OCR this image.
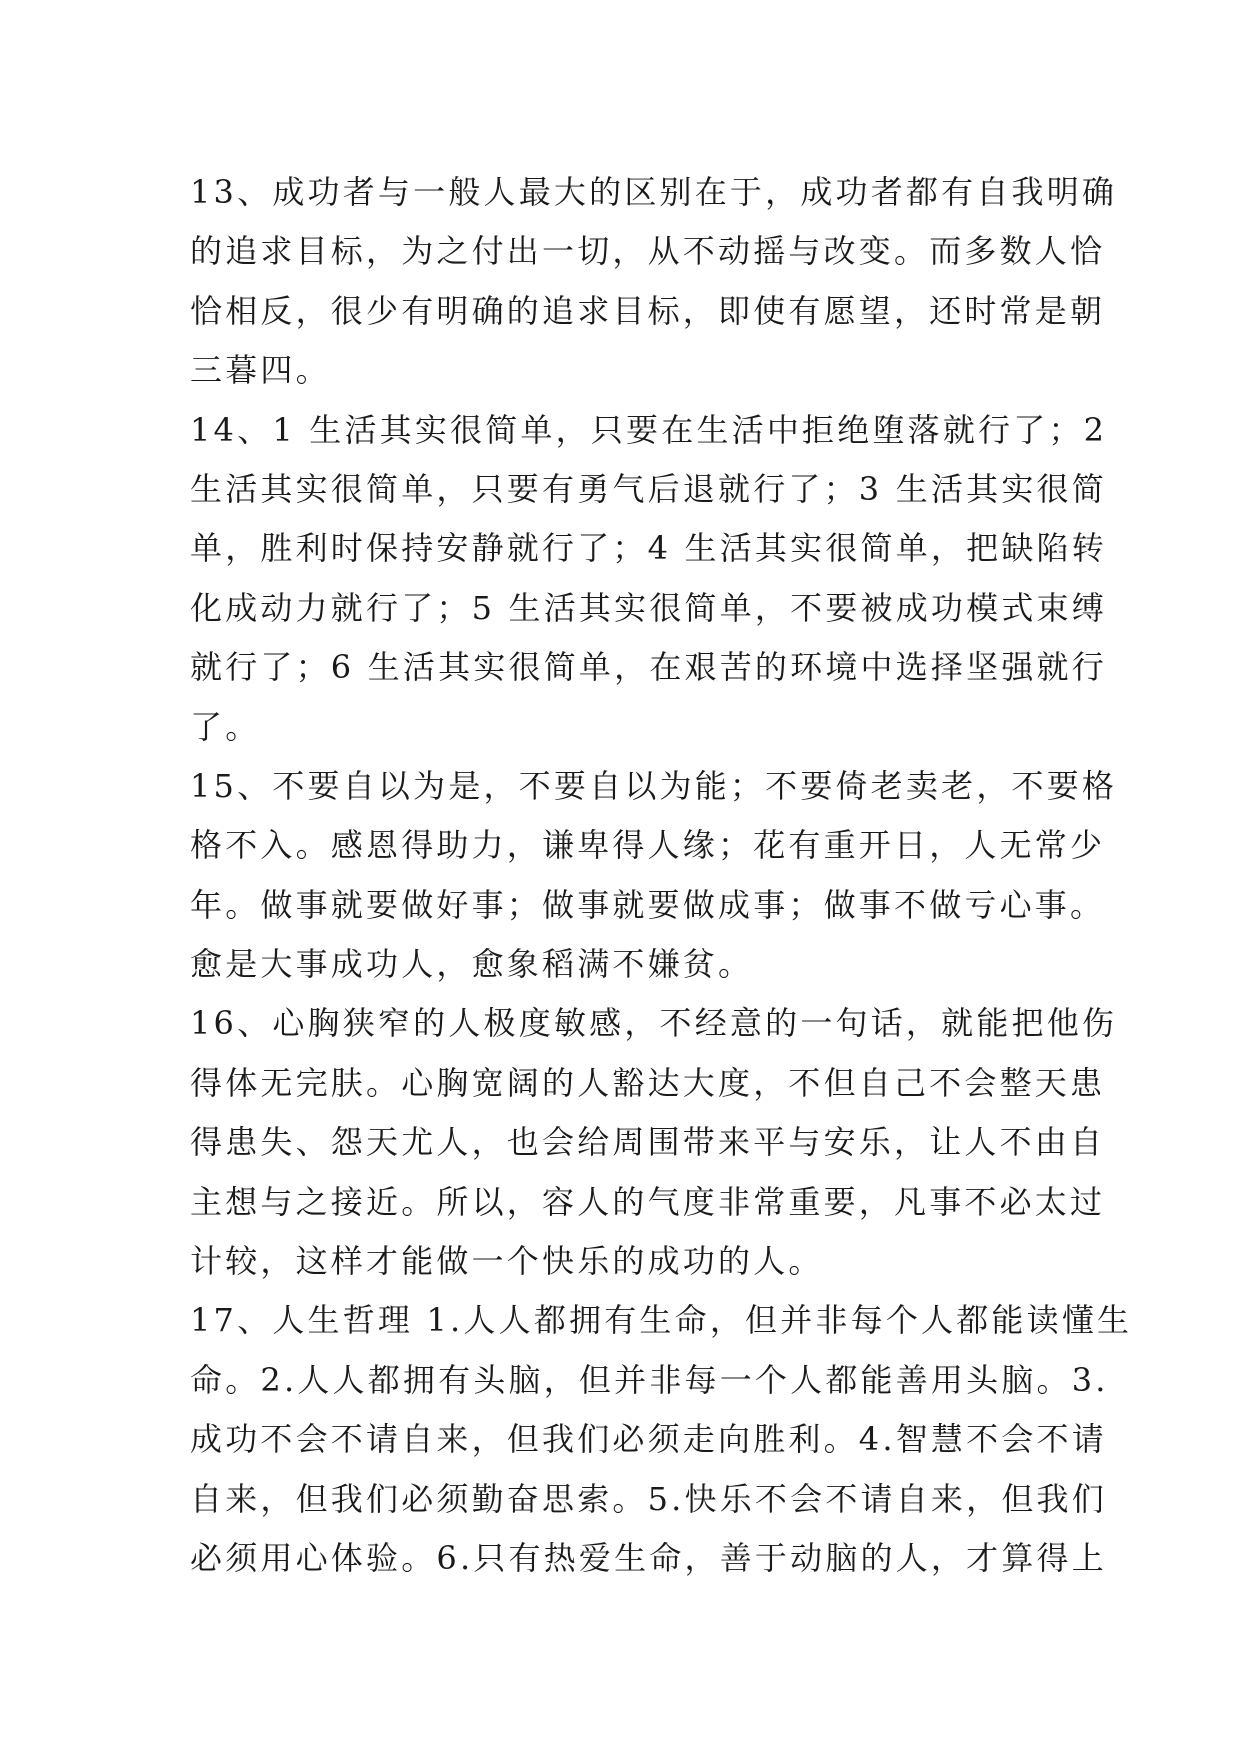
13、成功者与一般人最大的区别在于，成功者都有自我明确
的追求目标，为之付出一切，从不动摇与改变。而多数人恰
恰相反，很少有明确的追求目标，即使有愿望，还时常是朝
三暮四。
14、1 生活其实很简单，只要在生活中拒绝堕落就行了；2
生活其实很简单，只要有勇气后退就行了；3 生活其实很简
单，胜利时保持安静就行了；4 生活其实很简单，把缺陷转
化成动力就行了；5 生活其实很简单，不要被成功模式束缚
就行了；6 生活其实很简单，在艰苦的环境中选择坚强就行
了。
15、不要自以为是，不要自以为能；不要倚老卖老，不要格
格不入。感恩得助力，谦卑得人缘；花有重开日，人无常少
年。做事就要做好事；做事就要做成事；做事不做亏心事。
愈是大事成功人，愈象稻满不嫌贫。
16、心胸狭窄的人极度敏感，不经意的一句话，就能把他伤
得体无完肤。心胸宽阔的人豁达大度，不但自己不会整天患
得患失、怨天尤人，也会给周围带来平与安乐，让人不由自
主想与之接近。所以，容人的气度非常重要，凡事不必太过
计较，这样才能做一个快乐的成功的人。
17、人生哲理 1.人人都拥有生命，但并非每个人都能读懂生
命。2.人人都拥有头脑，但并非每一个人都能善用头脑。3.
成功不会不请自来，但我们必须走向胜利。4.智慧不会不请
自来，但我们必须勤奋思索。5.快乐不会不请自来，但我们
必须用心体验。6.只有热爱生命，善于动脑的人，才算得上
